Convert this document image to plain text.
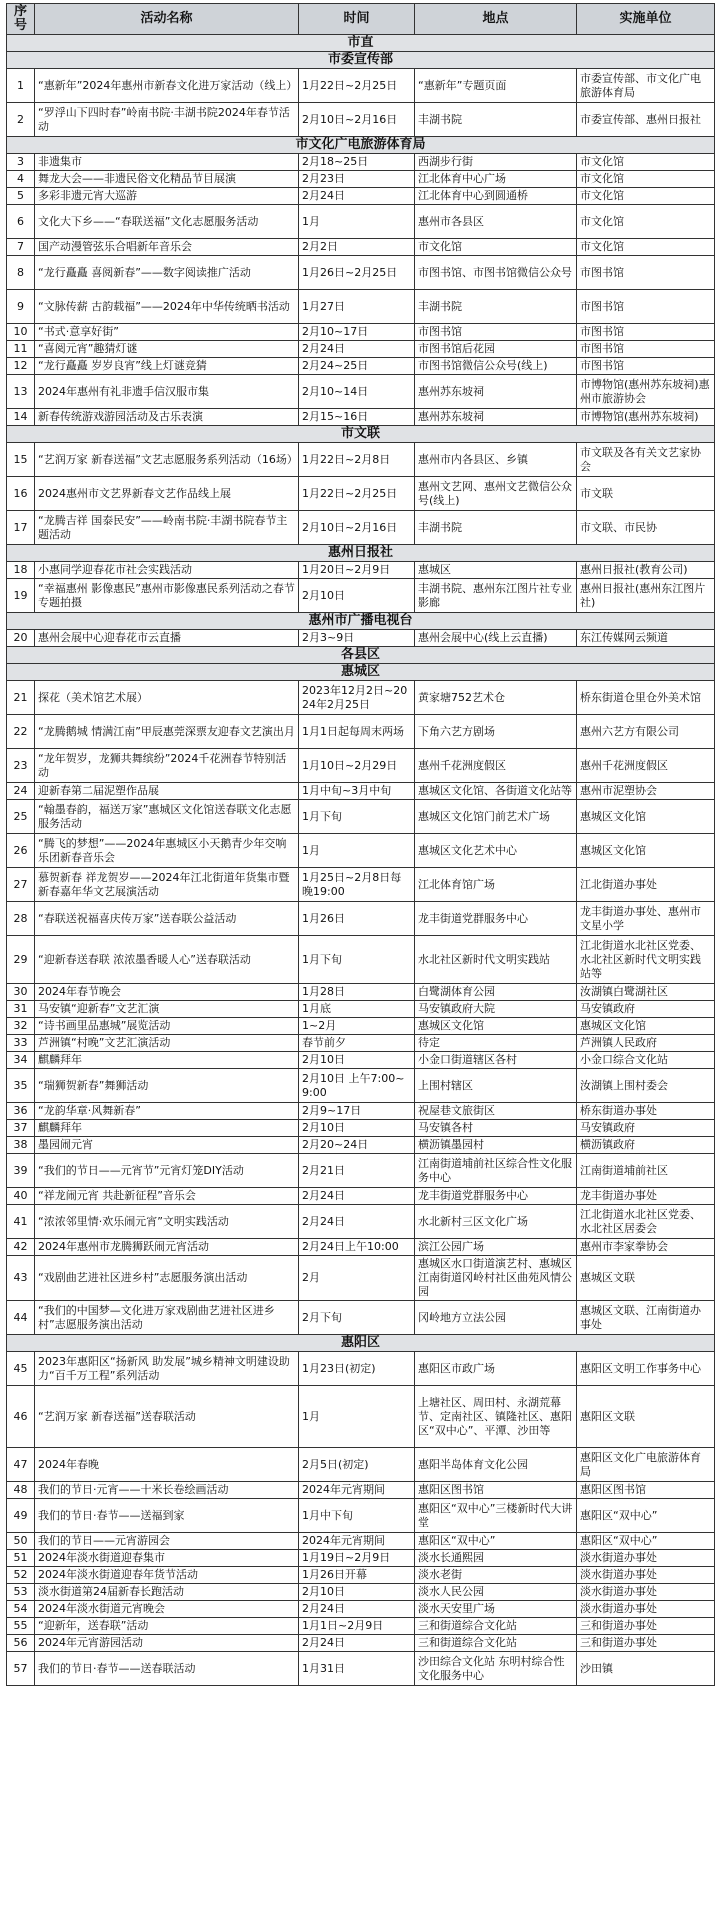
序号	活动名称	时间	地点	实施单位
市直				
市委宣传部				
1	“惠新年”2024年惠州市新春文化进万家活动（线上）	1月22日~2月25日	“惠新年”专题页面	市委宣传部、市文化广电旅游体育局
2	“罗浮山下四时春”岭南书院·丰湖书院2024年春节活动	2月10日~2月16日	丰湖书院	市委宣传部、惠州日报社
市文化广电旅游体育局				
3	非遗集市	2月18~25日	西湖步行街	市文化馆
4	舞龙大会——非遗民俗文化精品节目展演	2月23日	江北体育中心广场	市文化馆
5	多彩非遗元宵大巡游	2月24日	江北体育中心到圆通桥	市文化馆
6	文化大下乡——“春联送福”文化志愿服务活动	1月	惠州市各县区	市文化馆
7	国产动漫管弦乐合唱新年音乐会	2月2日	市文化馆	市文化馆
8	“龙行矗矗 喜阅新春”——数字阅读推广活动	1月26日~2月25日	市图书馆、市图书馆微信公众号	市图书馆
9	“文脉传薪 古韵载福”——2024年中华传统晒书活动	1月27日	丰湖书院	市图书馆
10	“书式·意享好街”	2月10~17日	市图书馆	市图书馆
11	“喜阅元宵”趣猜灯谜	2月24日	市图书馆后花园	市图书馆
12	“龙行矗矗 岁岁良宵”线上灯谜竞猜	2月24~25日	市图书馆微信公众号(线上)	市图书馆
13	2024年惠州有礼非遗手信汉服市集	2月10~14日	惠州苏东坡祠	市博物馆(惠州苏东坡祠)惠州市旅游协会
14	新春传统游戏游园活动及古乐表演	2月15~16日	惠州苏东坡祠	市博物馆(惠州苏东坡祠)
市文联				
15	“艺润万家 新春送福”文艺志愿服务系列活动（16场）	1月22日~2月8日	惠州市内各县区、乡镇	市文联及各有关文艺家协会
16	2024惠州市文艺界新春文艺作品线上展	1月22日~2月25日	惠州文艺网、惠州文艺微信公众号(线上)	市文联
17	“龙腾吉祥 国泰民安”——岭南书院·丰湖书院春节主题活动	2月10日~2月16日	丰湖书院	市文联、市民协
惠州日报社				
18	小惠同学迎春花市社会实践活动	1月20日~2月9日	惠城区	惠州日报社(教育公司)
19	“幸福惠州 影像惠民”惠州市影像惠民系列活动之春节专题拍摄	2月10日	丰湖书院、惠州东江图片社专业影廊	惠州日报社(惠州东江图片社)
惠州市广播电视台				
20	惠州会展中心迎春花市云直播	2月3~9日	惠州会展中心(线上云直播)	东江传媒网云频道
各县区				
惠城区				
21	探花（美术馆艺术展）	2023年12月2日~2024年2月25日	黄家塘752艺术仓	桥东街道仓里仓外美术馆
22	“龙腾鹅城 情满江南”甲辰惠莞深票友迎春文艺演出月	1月1日起每周末两场	下角六艺方剧场	惠州六艺方有限公司
23	“龙年贺岁，龙狮共舞缤纷”2024千花洲春节特别活动	1月10日~2月29日	惠州千花洲度假区	惠州千花洲度假区
24	迎新春第二届泥塑作品展	1月中旬~3月中旬	惠城区文化馆、各街道文化站等	惠州市泥塑协会
25	“翰墨春韵，福送万家”惠城区文化馆送春联文化志愿服务活动	1月下旬	惠城区文化馆门前艺术广场	惠城区文化馆
26	“腾飞的梦想”——2024年惠城区小天鹅青少年交响乐团新春音乐会	1月	惠城区文化艺术中心	惠城区文化馆
27	慕贺新春 祥龙贺岁——2024年江北街道年货集市暨新春嘉年华文艺展演活动	1月25日~2月8日每晚19:00	江北体育馆广场	江北街道办事处
28	“春联送祝福喜庆传万家”送春联公益活动	1月26日	龙丰街道党群服务中心	龙丰街道办事处、惠州市文星小学
29	“迎新春送春联 浓浓墨香暖人心”送春联活动	1月下旬	水北社区新时代文明实践站	江北街道水北社区党委、水北社区新时代文明实践站等
30	2024年春节晚会	1月28日	白鹭湖体育公园	汝湖镇白鹭湖社区
31	马安镇“迎新春”文艺汇演	1月底	马安镇政府大院	马安镇政府
32	“诗书画里品惠城”展览活动	1~2月	惠城区文化馆	惠城区文化馆
33	芦洲镇“村晚”文艺汇演活动	春节前夕	待定	芦洲镇人民政府
34	麒麟拜年	2月10日	小金口街道辖区各村	小金口综合文化站
35	“瑞狮贺新春”舞狮活动	2月10日 上午7:00~9:00	上围村辖区	汝湖镇上围村委会
36	“龙韵华章·风舞新春”	2月9~17日	祝屋巷文旅街区	桥东街道办事处
37	麒麟拜年	2月10日	马安镇各村	马安镇政府
38	墨园闹元宵	2月20~24日	横沥镇墨园村	横沥镇政府
39	“我们的节日——元宵节”元宵灯笼DIY活动	2月21日	江南街道埔前社区综合性文化服务中心	江南街道埔前社区
40	“祥龙闹元宵 共赴新征程”音乐会	2月24日	龙丰街道党群服务中心	龙丰街道办事处
41	“浓浓邻里情·欢乐闹元宵”文明实践活动	2月24日	水北新村三区文化广场	江北街道水北社区党委、水北社区居委会
42	2024年惠州市龙腾狮跃闹元宵活动	2月24日上午10:00	滨江公园广场	惠州市李家拳协会
43	“戏剧曲艺进社区进乡村”志愿服务演出活动	2月	惠城区水口街道演艺村、惠城区江南街道冈岭村社区曲苑风情公园	惠城区文联
44	“我们的中国梦—文化进万家戏剧曲艺进社区进乡村”志愿服务演出活动	2月下旬	冈岭地方立法公园	惠城区文联、江南街道办事处
惠阳区				
45	2023年惠阳区“扬新风 助发展”城乡精神文明建设助力“百千万工程”系列活动	1月23日(初定)	惠阳区市政广场	惠阳区文明工作事务中心
46	“艺润万家 新春送福”送春联活动	1月	上塘社区、周田村、永湖荒幕节、定南社区、镇隆社区、惠阳区“双中心”、平潭、沙田等	惠阳区文联
47	2024年春晚	2月5日(初定)	惠阳半岛体育文化公园	惠阳区文化广电旅游体育局
48	我们的节日·元宵——十米长卷绘画活动	2024年元宵期间	惠阳区图书馆	惠阳区图书馆
49	我们的节日·春节——送福到家	1月中下旬	惠阳区“双中心”三楼新时代大讲堂	惠阳区“双中心”
50	我们的节日——元宵游园会	2024年元宵期间	惠阳区“双中心”	惠阳区“双中心”
51	2024年淡水街道迎春集市	1月19日~2月9日	淡水长通熙园	淡水街道办事处
52	2024年淡水街道迎春年货节活动	1月26日开幕	淡水老街	淡水街道办事处
53	淡水街道第24届新春长跑活动	2月10日	淡水人民公园	淡水街道办事处
54	2024年淡水街道元宵晚会	2月24日	淡水天安里广场	淡水街道办事处
55	“迎新年，送春联”活动	1月1日~2月9日	三和街道综合文化站	三和街道办事处
56	2024年元宵游园活动	2月24日	三和街道综合文化站	三和街道办事处
57	我们的节日·春节——送春联活动	1月31日	沙田综合文化站 东明村综合性文化服务中心	沙田镇
